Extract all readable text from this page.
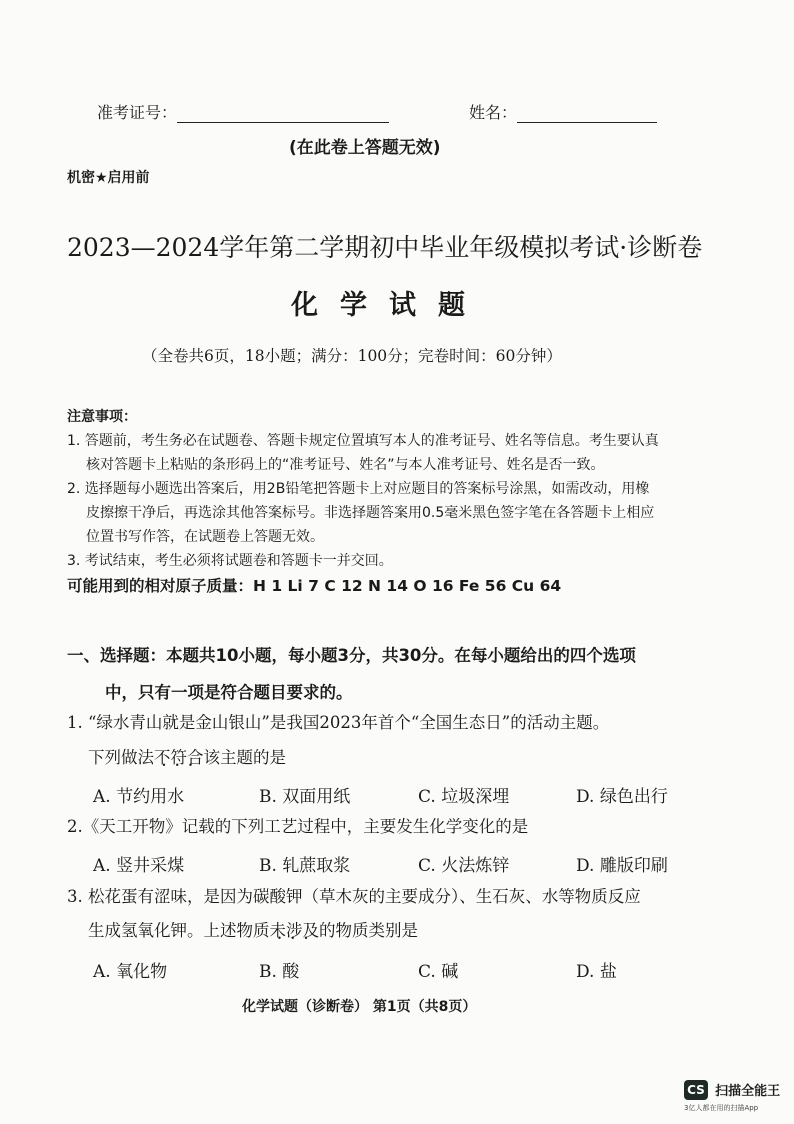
准考证号：	姓名：
(在此卷上答题无效)
机密★启用前
2023—2024学年第二学期初中毕业年级模拟考试·诊断卷
化学试题
（全卷共6页，18小题；满分：100分；完卷时间：60分钟）
注意事项：
1. 答题前，考生务必在试题卷、答题卡规定位置填写本人的准考证号、姓名等信息。考生要认真
核对答题卡上粘贴的条形码上的“准考证号、姓名”与本人准考证号、姓名是否一致。
2. 选择题每小题选出答案后，用2B铅笔把答题卡上对应题目的答案标号涂黑，如需改动，用橡
皮擦擦干净后，再选涂其他答案标号。非选择题答案用0.5毫米黑色签字笔在各答题卡上相应
位置书写作答，在试题卷上答题无效。
3. 考试结束，考生必须将试题卷和答题卡一并交回。
可能用到的相对原子质量：H 1 Li 7 C 12 N 14 O 16 Fe 56 Cu 64
一、选择题：本题共10小题，每小题3分，共30分。在每小题给出的四个选项
中，只有一项是符合题目要求的。
1. “绿水青山就是金山银山”是我国2023年首个“全国生态日”的活动主题。
下列做法不符合 • • •该主题的是
A. 节约用水	B. 双面用纸	C. 垃圾深埋	D. 绿色出行
2.《天工开物》记载的下列工艺过程中，主要发生化学变化的是
A. 竖井采煤	B. 轧蔗取浆	C. 火法炼锌	D. 雕版印刷
3. 松花蛋有涩味，是因为碳酸钾（草木灰的主要成分）、生石灰、水等物质反应
生成氢氧化钾。上述物质未涉及 • • •的物质类别是
A. 氧化物	B. 酸	C. 碱	D. 盐
化学试题（诊断卷） 第1页（共8页）
CS 扫描全能王
3亿人都在用的扫描App
